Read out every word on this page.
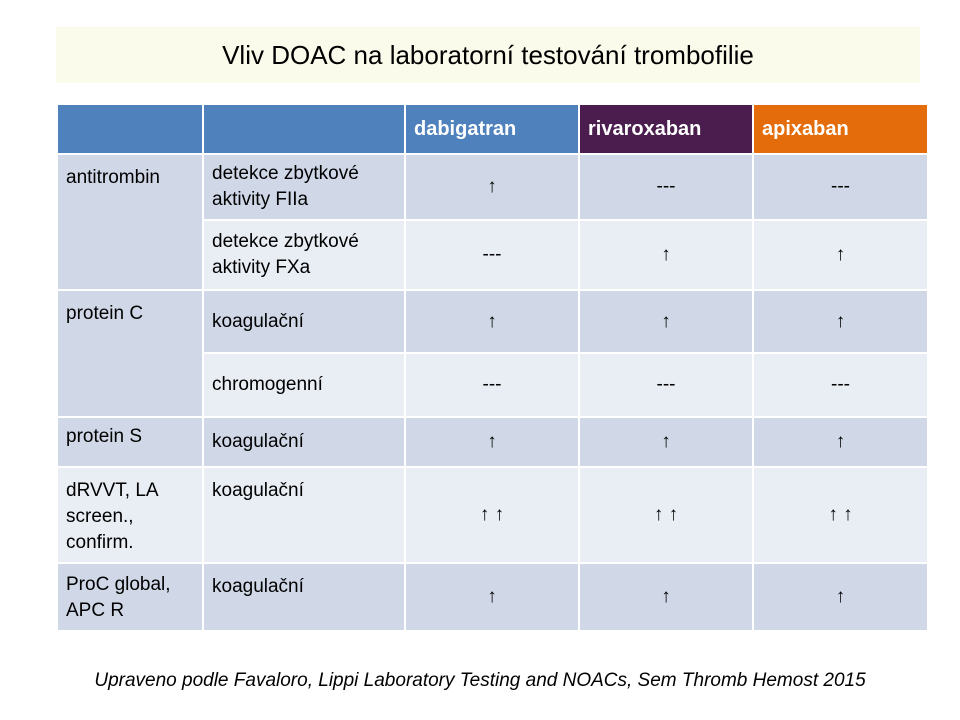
Vliv DOAC na laboratorní testování trombofilie
		dabigatran	rivaroxaban	apixaban
antitrombin	detekce zbytkové aktivity FIIa	↑	---	---
	detekce zbytkové aktivity FXa	---	↑	↑
protein C	koagulační	↑	↑	↑
	chromogenní	---	---	---
protein S	koagulační	↑	↑	↑
dRVVT, LA screen., confirm.	koagulační	↑ ↑	↑ ↑	↑ ↑
ProC global, APC R	koagulační	↑	↑	↑
Upraveno podle Favaloro, Lippi Laboratory Testing and NOACs, Sem Thromb Hemost 2015
